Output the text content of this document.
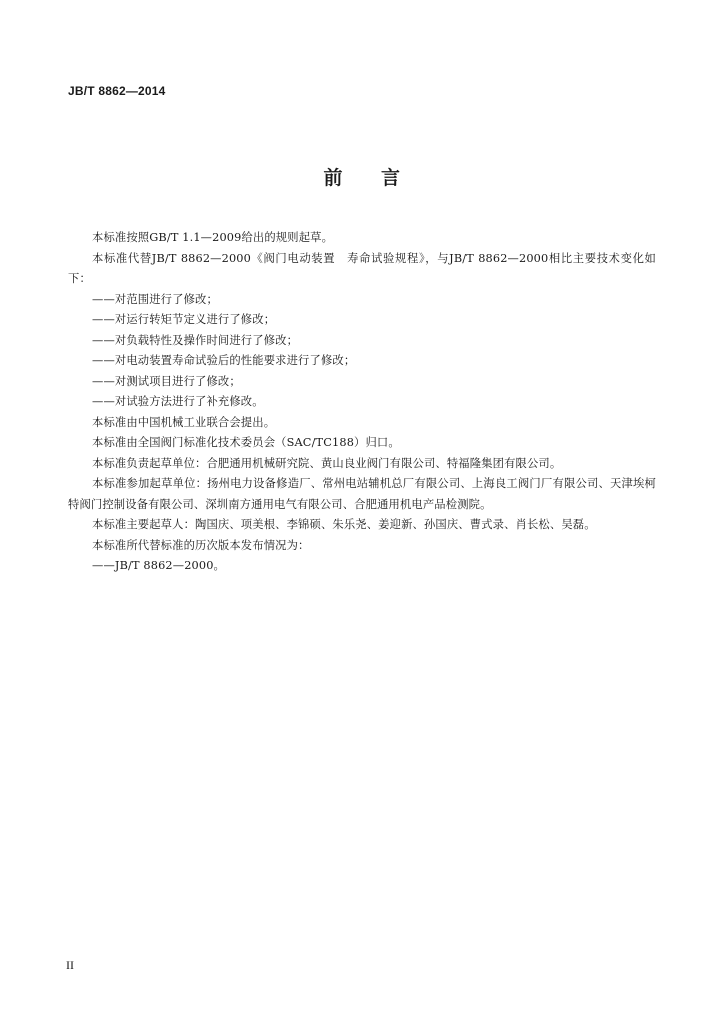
JB/T 8862—2014
前 言

本标准按照GB/T 1.1—2009给出的规则起草。

本标准代替JB/T 8862—2000《阀门电动装置　寿命试验规程》，与JB/T 8862—2000相比主要技术变化如下：

——对范围进行了修改；

——对运行转矩节定义进行了修改；

——对负载特性及操作时间进行了修改；

——对电动装置寿命试验后的性能要求进行了修改；

——对测试项目进行了修改；

——对试验方法进行了补充修改。

本标准由中国机械工业联合会提出。

本标准由全国阀门标准化技术委员会（SAC/TC188）归口。

本标准负责起草单位：合肥通用机械研究院、黄山良业阀门有限公司、特福隆集团有限公司。

本标准参加起草单位：扬州电力设备修造厂、常州电站辅机总厂有限公司、上海良工阀门厂有限公司、天津埃柯特阀门控制设备有限公司、深圳南方通用电气有限公司、合肥通用机电产品检测院。

本标准主要起草人：陶国庆、项美根、李锦硕、朱乐尧、姜迎新、孙国庆、曹式录、肖长松、吴磊。

本标准所代替标准的历次版本发布情况为：

——JB/T 8862—2000。

II
